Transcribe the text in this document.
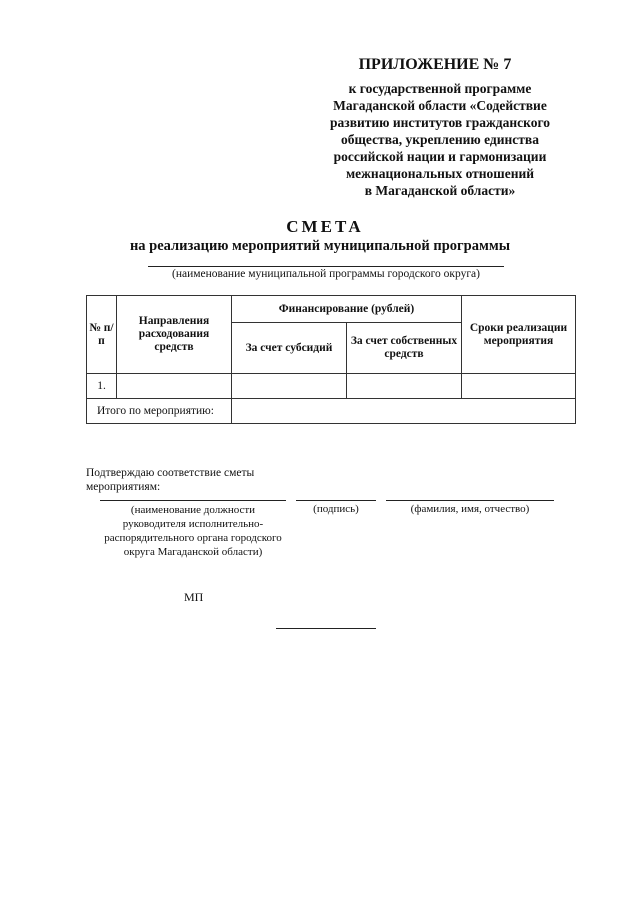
ПРИЛОЖЕНИЕ № 7
к государственной программе
Магаданской области «Содействие
развитию институтов гражданского
общества, укреплению единства
российской нации и гармонизации
межнациональных отношений
в Магаданской области»
СМЕТА
на реализацию мероприятий муниципальной программы
(наименование муниципальной программы городского округа)
№ п/п	Направления расходования средств	Финансирование (рублей)		Сроки реализации мероприятия
		За счет субсидий	За счет собственных средств	
1.				
Итого по мероприятию:				
Подтверждаю соответствие сметы мероприятиям:
(наименование должности руководителя исполнительно-распорядительного органа городского округа Магаданской области)
(подпись)	(фамилия, имя, отчество)
МП
